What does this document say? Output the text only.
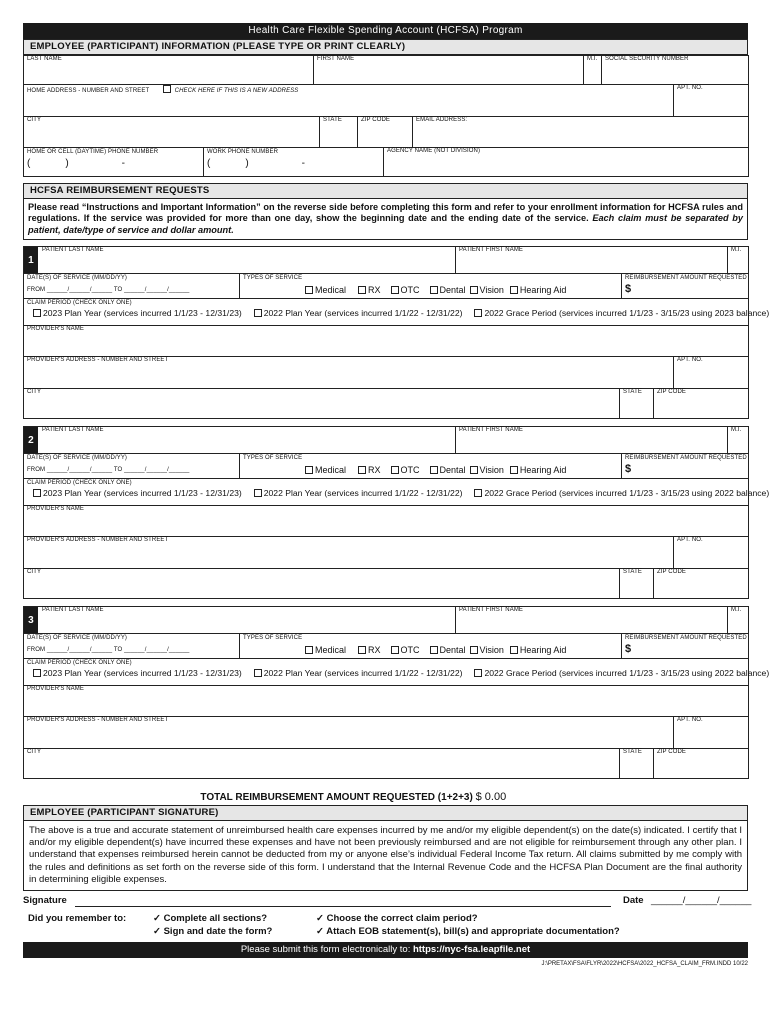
Health Care Flexible Spending Account (HCFSA) Program
EMPLOYEE (PARTICIPANT) INFORMATION (PLEASE TYPE OR PRINT CLEARLY)
LAST NAME	FIRST NAME	M.I.	SOCIAL SECURITY NUMBER
HOME ADDRESS - NUMBER AND STREET	CHECK HERE IF THIS IS A NEW ADDRESS	APT. NO.
CITY	STATE	ZIP CODE	EMAIL ADDRESS:
HOME OR CELL (DAYTIME) PHONE NUMBER
(	)	-

WORK PHONE NUMBER
(	)	-
	AGENCY NAME (NOT DIVISION)
HCFSA REIMBURSEMENT REQUESTS
Please read “Instructions and Important Information” on the reverse side before completing this form and refer to your enrollment information for HCFSA rules and regulations. If the service was provided for more than one day, show the beginning date and the ending date of the service. Each claim must be separated by patient, date/type of service and dollar amount.
1
PATIENT LAST NAME	PATIENT FIRST NAME	M.I.
DATE(S) OF SERVICE (MM/DD/YY)
FROM ______/______/______ TO ______/______/______

TYPES OF SERVICE
Medical RX OTC Dental Vision Hearing Aid

REIMBURSEMENT AMOUNT REQUESTED
$
CLAIM PERIOD (CHECK ONLY ONE)
2023 Plan Year (services incurred 1/1/23 - 12/31/23)	2022 Plan Year (services incurred 1/1/22 - 12/31/22)	2022 Grace Period (services incurred 1/1/23 - 3/15/23 using 2023 balance)

PROVIDER'S NAME
PROVIDER'S ADDRESS - NUMBER AND STREET	APT. NO.
CITY	STATE	ZIP CODE
2
PATIENT LAST NAME	PATIENT FIRST NAME	M.I.
DATE(S) OF SERVICE (MM/DD/YY)
FROM ______/______/______ TO ______/______/______

TYPES OF SERVICE
Medical RX OTC Dental Vision Hearing Aid

REIMBURSEMENT AMOUNT REQUESTED
$
CLAIM PERIOD (CHECK ONLY ONE)
2023 Plan Year (services incurred 1/1/23 - 12/31/23)	2022 Plan Year (services incurred 1/1/22 - 12/31/22)	2022 Grace Period (services incurred 1/1/23 - 3/15/23 using 2022 balance)

PROVIDER'S NAME
PROVIDER'S ADDRESS - NUMBER AND STREET	APT. NO.
CITY	STATE	ZIP CODE
3
PATIENT LAST NAME	PATIENT FIRST NAME	M.I.
DATE(S) OF SERVICE (MM/DD/YY)
FROM ______/______/______ TO ______/______/______

TYPES OF SERVICE
Medical RX OTC Dental Vision Hearing Aid

REIMBURSEMENT AMOUNT REQUESTED
$
CLAIM PERIOD (CHECK ONLY ONE)
2023 Plan Year (services incurred 1/1/23 - 12/31/23)	2022 Plan Year (services incurred 1/1/22 - 12/31/22)	2022 Grace Period (services incurred 1/1/23 - 3/15/23 using 2022 balance)

PROVIDER'S NAME
PROVIDER'S ADDRESS - NUMBER AND STREET	APT. NO.
CITY	STATE	ZIP CODE
TOTAL REIMBURSEMENT AMOUNT REQUESTED (1+2+3) $ 0.00
EMPLOYEE (PARTICIPANT SIGNATURE)
The above is a true and accurate statement of unreimbursed health care expenses incurred by me and/or my eligible dependent(s) on the date(s) indicated. I certify that I and/or my eligible dependent(s) have incurred these expenses and have not been previously reimbursed and are not eligible for reimbursement through any other plan. I understand that expenses reimbursed herein cannot be deducted from my or anyone else’s individual Federal Income Tax return. All claims submitted by me comply with the rules and definitions as set forth on the reverse side of this form. I understand that the Internal Revenue Code and the HCFSA Plan Document are the final authority in determining eligible expenses.
Signature	Date ______/______/______
Did you remember to:	✓ Complete all sections?
✓ Sign and date the form?
✓ Choose the correct claim period?
✓ Attach EOB statement(s), bill(s) and appropriate documentation?
Please submit this form electronically to: https://nyc-fsa.leapfile.net
J:\PRETAX\FSA\FLYR\2022\HCFSA\2022_HCFSA_CLAIM_FRM.INDD 10/22
